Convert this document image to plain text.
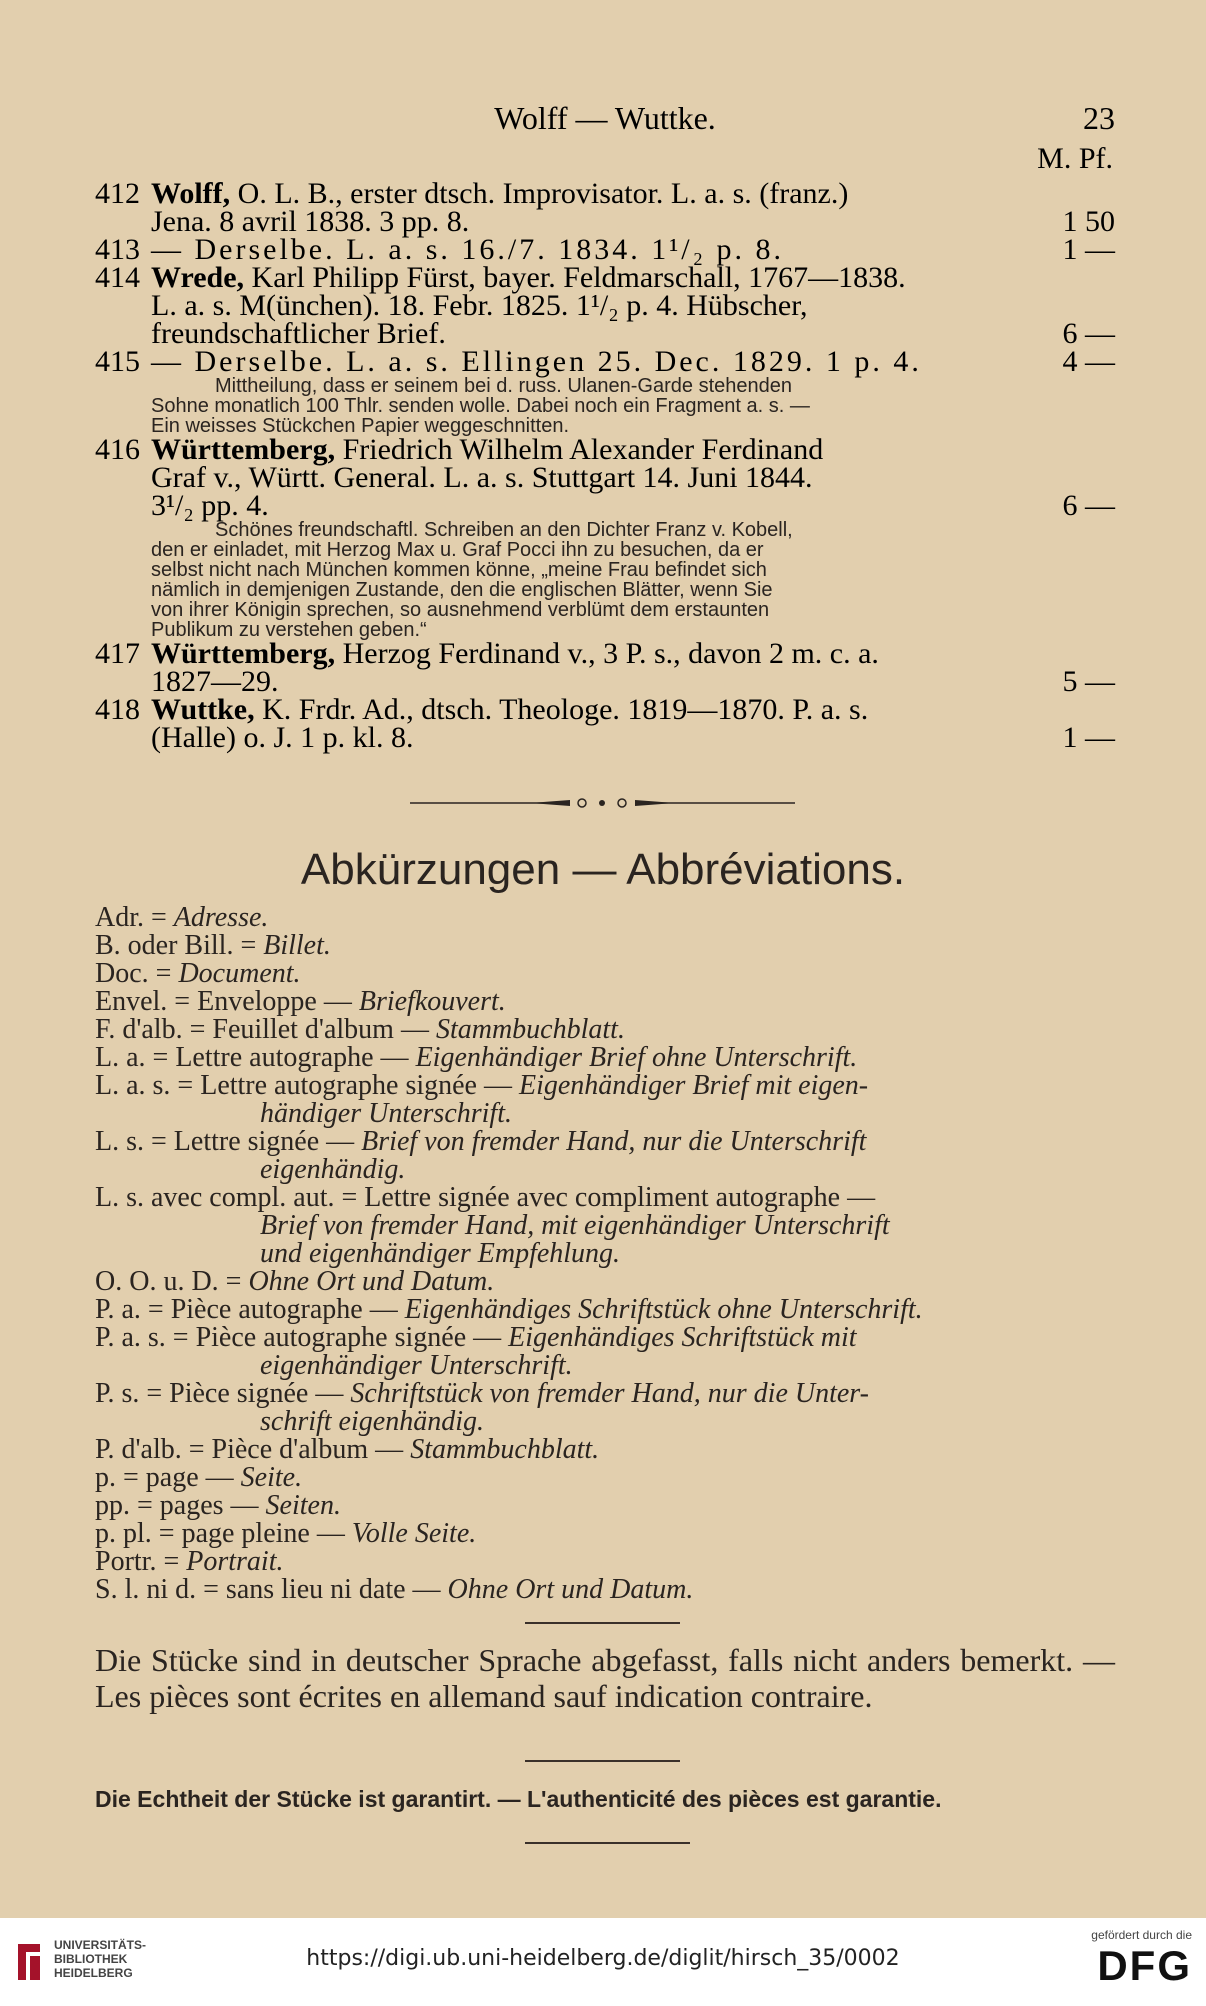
Wolff — Wuttke.	23
M. Pf.
412 Wolff, O. L. B., erster dtsch. Improvisator. L. a. s. (franz.)
Jena. 8 avril 1838. 3 pp. 8.	1 50
413 — Derselbe. L. a. s. 16./7. 1834. 1¹/₂ p. 8.	1 —
414 Wrede, Karl Philipp Fürst, bayer. Feldmarschall, 1767—1838.
L. a. s. M(ünchen). 18. Febr. 1825. 1¹/₂ p. 4. Hübscher,
freundschaftlicher Brief.	6 —
415 — Derselbe. L. a. s. Ellingen 25. Dec. 1829. 1 p. 4.	4 —
Mittheilung, dass er seinem bei d. russ. Ulanen-Garde stehenden
Sohne monatlich 100 Thlr. senden wolle. Dabei noch ein Fragment a. s. —
Ein weisses Stückchen Papier weggeschnitten.
416 Württemberg, Friedrich Wilhelm Alexander Ferdinand
Graf v., Württ. General. L. a. s. Stuttgart 14. Juni 1844.
3¹/₂ pp. 4.	6 —
Schönes freundschaftl. Schreiben an den Dichter Franz v. Kobell,
den er einladet, mit Herzog Max u. Graf Pocci ihn zu besuchen, da er
selbst nicht nach München kommen könne, „meine Frau befindet sich
nämlich in demjenigen Zustande, den die englischen Blätter, wenn Sie
von ihrer Königin sprechen, so ausnehmend verblümt dem erstaunten
Publikum zu verstehen geben.“
417 Württemberg, Herzog Ferdinand v., 3 P. s., davon 2 m. c. a.
1827—29.	5 —
418 Wuttke, K. Frdr. Ad., dtsch. Theologe. 1819—1870. P. a. s.
(Halle) o. J. 1 p. kl. 8.	1 —
Abkürzungen — Abbréviations.
Adr. = Adresse.
B. oder Bill. = Billet.
Doc. = Document.
Envel. = Enveloppe — Briefkouvert.
F. d'alb. = Feuillet d'album — Stammbuchblatt.
L. a. = Lettre autographe — Eigenhändiger Brief ohne Unterschrift.
L. a. s. = Lettre autographe signée — Eigenhändiger Brief mit eigen-
händiger Unterschrift.
L. s. = Lettre signée — Brief von fremder Hand, nur die Unterschrift
eigenhändig.
L. s. avec compl. aut. = Lettre signée avec compliment autographe —
Brief von fremder Hand, mit eigenhändiger Unterschrift
und eigenhändiger Empfehlung.
O. O. u. D. = Ohne Ort und Datum.
P. a. = Pièce autographe — Eigenhändiges Schriftstück ohne Unterschrift.
P. a. s. = Pièce autographe signée — Eigenhändiges Schriftstück mit
eigenhändiger Unterschrift.
P. s. = Pièce signée — Schriftstück von fremder Hand, nur die Unter-
schrift eigenhändig.
P. d'alb. = Pièce d'album — Stammbuchblatt.
p. = page — Seite.
pp. = pages — Seiten.
p. pl. = page pleine — Volle Seite.
Portr. = Portrait.
S. l. ni d. = sans lieu ni date — Ohne Ort und Datum.
Die Stücke sind in deutscher Sprache abgefasst, falls nicht anders bemerkt. — Les pièces sont écrites en allemand sauf indication contraire.
Die Echtheit der Stücke ist garantirt. — L'authenticité des pièces est garantie.
UNIVERSITÄTS-
BIBLIOTHEK
HEIDELBERG
https://digi.ub.uni-heidelberg.de/diglit/hirsch_35/0002
gefördert durch die
DFG
